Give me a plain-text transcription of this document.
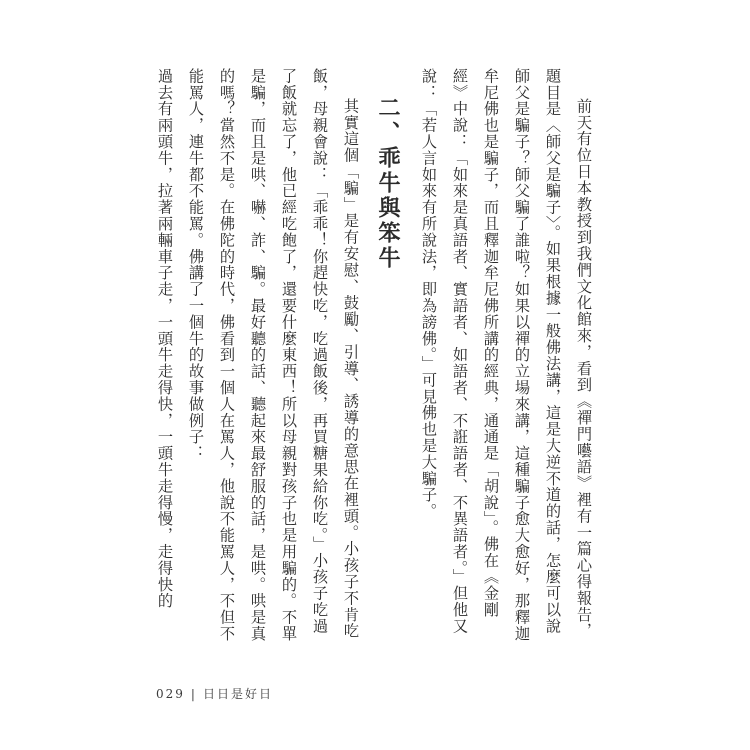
前天有位日本教授到我們文化館來，看到《禪門囈語》裡有一篇心得報告，
題目是〈師父是騙子〉。如果根據一般佛法講，這是大逆不道的話，怎麼可以說
師父是騙子？師父騙了誰啦？如果以禪的立場來講，這種騙子愈大愈好，那釋迦
牟尼佛也是騙子，而且釋迦牟尼佛所講的經典，通通是「胡說」。佛在《金剛
經》中說：「如來是真語者、實語者、如語者、不誑語者、不異語者。」但他又
說：「若人言如來有所說法，即為謗佛。」可見佛也是大騙子。
二、乖牛與笨牛
其實這個「騙」是有安慰、鼓勵、引導、誘導的意思在裡頭。小孩子不肯吃
飯，母親會說：「乖乖！你趕快吃，吃過飯後，再買糖果給你吃。」小孩子吃過
了飯就忘了，他已經吃飽了，還要什麼東西！所以母親對孩子也是用騙的。不單
是騙，而且是哄、嚇、詐、騙。最好聽的話、聽起來最舒服的話，是哄。哄是真
的嗎？當然不是。在佛陀的時代，佛看到一個人在罵人，他說不能罵人，不但不
能罵人，連牛都不能罵。佛講了一個牛的故事做例子：
過去有兩頭牛，拉著兩輛車子走，一頭牛走得快，一頭牛走得慢，走得快的
029 | 日日是好日
